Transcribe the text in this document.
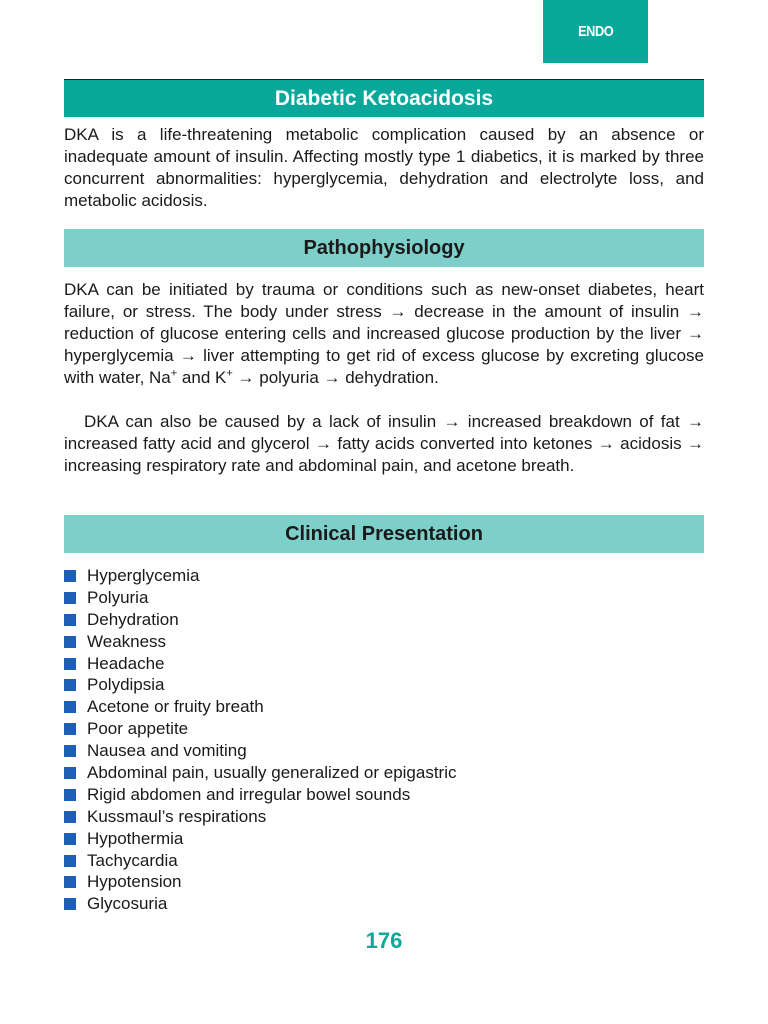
ENDO
Diabetic Ketoacidosis

DKA is a life-threatening metabolic complication caused by an absence or inadequate amount of insulin. Affecting mostly type 1 diabetics, it is marked by three concurrent abnormalities: hyperglycemia, dehydration and electrolyte loss, and metabolic acidosis.

Pathophysiology

DKA can be initiated by trauma or conditions such as new-onset diabetes, heart failure, or stress. The body under stress → decrease in the amount of insulin → reduction of glucose entering cells and increased glucose production by the liver → hyperglycemia → liver attempting to get rid of excess glucose by excreting glucose with water, Na+ and K+ → polyuria → dehydration.

DKA can also be caused by a lack of insulin → increased breakdown of fat → increased fatty acid and glycerol → fatty acids converted into ketones → acidosis → increasing respiratory rate and abdominal pain, and acetone breath.

Clinical Presentation
Hyperglycemia
Polyuria
Dehydration
Weakness
Headache
Polydipsia
Acetone or fruity breath
Poor appetite
Nausea and vomiting
Abdominal pain, usually generalized or epigastric
Rigid abdomen and irregular bowel sounds
Kussmaul’s respirations
Hypothermia
Tachycardia
Hypotension
Glycosuria
176
